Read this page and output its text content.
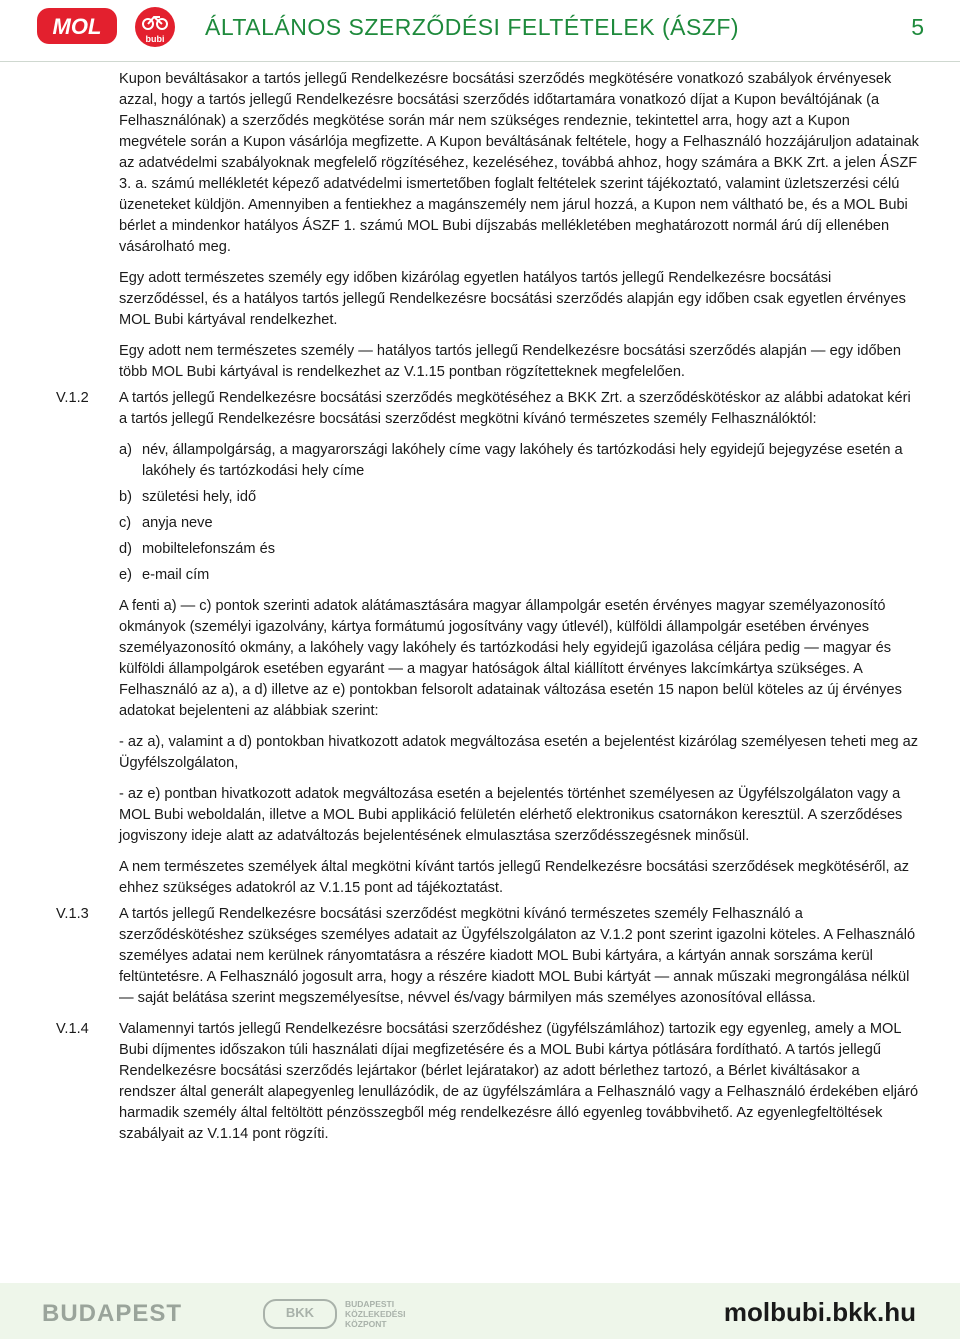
MOL	bubi ÁLTALÁNOS SZERZŐDÉSI FELTÉTELEK (ÁSZF)	5
Kupon beváltásakor a tartós jellegű Rendelkezésre bocsátási szerződés megkötésére vonatkozó szabályok érvényesek azzal, hogy a tartós jellegű Rendelkezésre bocsátási szerződés időtartamára vonatkozó díjat a Kupon beváltójának (a Felhasználónak) a szerződés megkötése során már nem szükséges rendeznie, tekintettel arra, hogy azt a Kupon megvétele során a Kupon vásárlója megfizette. A Kupon beváltásának feltétele, hogy a Felhasználó hozzájáruljon adatainak az adatvédelmi szabályoknak megfelelő rögzítéséhez, kezeléséhez, továbbá ahhoz, hogy számára a BKK Zrt. a jelen ÁSZF 3. a. számú mellékletét képező adatvédelmi ismertetőben foglalt feltételek szerint tájékoztató, valamint üzletszerzési célú üzeneteket küldjön. Amennyiben a fentiekhez a magánszemély nem járul hozzá, a Kupon nem váltható be, és a MOL Bubi bérlet a mindenkor hatályos ÁSZF 1. számú MOL Bubi díjszabás mellékletében meghatározott normál árú díj ellenében vásárolható meg.
Egy adott természetes személy egy időben kizárólag egyetlen hatályos tartós jellegű Rendelkezésre bocsátási szerződéssel, és a hatályos tartós jellegű Rendelkezésre bocsátási szerződés alapján egy időben csak egyetlen érvényes MOL Bubi kártyával rendelkezhet.
Egy adott nem természetes személy — hatályos tartós jellegű Rendelkezésre bocsátási szerződés alapján — egy időben több MOL Bubi kártyával is rendelkezhet az V.1.15 pontban rögzítetteknek megfelelően.
V.1.2 A tartós jellegű Rendelkezésre bocsátási szerződés megkötéséhez a BKK Zrt. a szerződéskötéskor az alábbi adatokat kéri a tartós jellegű Rendelkezésre bocsátási szerződést megkötni kívánó természetes személy Felhasználóktól:
a) név, állampolgárság, a magyarországi lakóhely címe vagy lakóhely és tartózkodási hely egyidejű bejegyzése esetén a lakóhely és tartózkodási hely címe
b) születési hely, idő
c) anyja neve
d) mobiltelefonszám és
e) e-mail cím
A fenti a) — c) pontok szerinti adatok alátámasztására magyar állampolgár esetén érvényes magyar személyazonosító okmányok (személyi igazolvány, kártya formátumú jogosítvány vagy útlevél), külföldi állampolgár esetében érvényes személyazonosító okmány, a lakóhely vagy lakóhely és tartózkodási hely egyidejű igazolása céljára pedig — magyar és külföldi állampolgárok esetében egyaránt — a magyar hatóságok által kiállított érvényes lakcímkártya szükséges. A Felhasználó az a), a d) illetve az e) pontokban felsorolt adatainak változása esetén 15 napon belül köteles az új érvényes adatokat bejelenteni az alábbiak szerint:
- az a), valamint a d) pontokban hivatkozott adatok megváltozása esetén a bejelentést kizárólag személyesen teheti meg az Ügyfélszolgálaton,
- az e) pontban hivatkozott adatok megváltozása esetén a bejelentés történhet személyesen az Ügyfélszolgálaton vagy a MOL Bubi weboldalán, illetve a MOL Bubi applikáció felületén elérhető elektronikus csatornákon keresztül. A szerződéses jogviszony ideje alatt az adatváltozás bejelentésének elmulasztása szerződésszegésnek minősül.
A nem természetes személyek által megkötni kívánt tartós jellegű Rendelkezésre bocsátási szerződések megkötéséről, az ehhez szükséges adatokról az V.1.15 pont ad tájékoztatást.
V.1.3 A tartós jellegű Rendelkezésre bocsátási szerződést megkötni kívánó természetes személy Felhasználó a szerződéskötéshez szükséges személyes adatait az Ügyfélszolgálaton az V.1.2 pont szerint igazolni köteles. A Felhasználó személyes adatai nem kerülnek rányomtatásra a részére kiadott MOL Bubi kártyára, a kártyán annak sorszáma kerül feltüntetésre. A Felhasználó jogosult arra, hogy a részére kiadott MOL Bubi kártyát — annak műszaki megrongálása nélkül — saját belátása szerint megszemélyesítse, névvel és/vagy bármilyen más személyes azonosítóval ellássa.
V.1.4 Valamennyi tartós jellegű Rendelkezésre bocsátási szerződéshez (ügyfélszámlához) tartozik egy egyenleg, amely a MOL Bubi díjmentes időszakon túli használati díjai megfizetésére és a MOL Bubi kártya pótlására fordítható. A tartós jellegű Rendelkezésre bocsátási szerződés lejártakor (bérlet lejáratakor) az adott bérlethez tartozó, a Bérlet kiváltásakor a rendszer által generált alapegyenleg lenullázódik, de az ügyfélszámlára a Felhasználó vagy a Felhasználó érdekében eljáró harmadik személy által feltöltött pénzösszegből még rendelkezésre álló egyenleg továbbvihető. Az egyenlegfeltöltések szabályait az V.1.14 pont rögzíti.
BUDAPEST	BKK
BUDAPESTI
KÖZLEKEDÉSI
KÖZPONT	molbubi.bkk.hu
